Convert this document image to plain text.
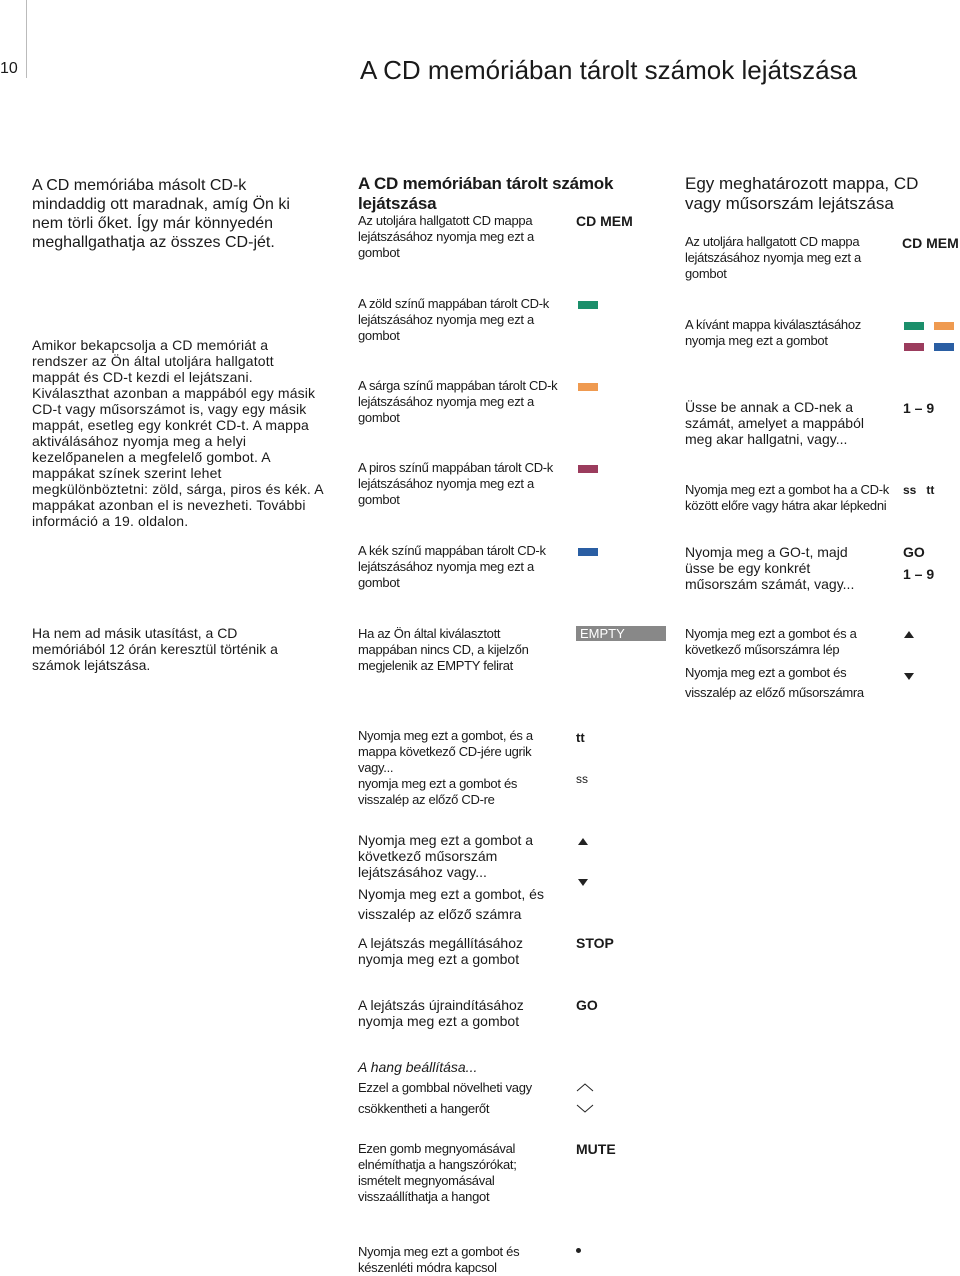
10	A CD memóriában tárolt számok lejátszása
A CD memóriába másolt CD-k mindaddig ott maradnak, amíg Ön ki nem törli őket. Így már könnyedén meghallgathatja az összes CD-jét.
Amikor bekapcsolja a CD memóriát a rendszer az Ön által utoljára hallgatott mappát és CD-t kezdi el lejátszani. Kiválaszthat azonban a mappából egy másik CD-t vagy műsorszámot is, vagy egy másik mappát, esetleg egy konkrét CD-t. A mappa aktiválásához nyomja meg a helyi kezelőpanelen a megfelelő gombot. A mappákat színek szerint lehet megkülönböztetni: zöld, sárga, piros és kék. A mappákat azonban el is nevezheti. További információ a 19. oldalon.
Ha nem ad másik utasítást, a CD memóriából 12 órán keresztül történik a számok lejátszása.
A CD memóriában tárolt számok lejátszása
Az utoljára hallgatott CD mappa lejátszásához nyomja meg ezt a gombot
CD MEM
A zöld színű mappában tárolt CD-k lejátszásához nyomja meg ezt a gombot
A sárga színű mappában tárolt CD-k lejátszásához nyomja meg ezt a gombot
A piros színű mappában tárolt CD-k lejátszásához nyomja meg ezt a gombot
A kék színű mappában tárolt CD-k lejátszásához nyomja meg ezt a gombot
Ha az Ön által kiválasztott mappában nincs CD, a kijelzőn megjelenik az EMPTY felirat
EMPTY
Nyomja meg ezt a gombot, és a mappa következő CD-jére ugrik vagy...
nyomja meg ezt a gombot és visszalép az előző CD-re
tt
ss
Nyomja meg ezt a gombot a következő műsorszám lejátszásához vagy...
Nyomja meg ezt a gombot, és visszalép az előző számra
A lejátszás megállításához nyomja meg ezt a gombot
STOP
A lejátszás újraindításához nyomja meg ezt a gombot
GO
A hang beállítása...
Ezzel a gombbal növelheti vagy
csökkentheti a hangerőt
Ezen gomb megnyomásával elnémíthatja a hangszórókat; ismételt megnyomásával visszaállíthatja a hangot
MUTE
Nyomja meg ezt a gombot és készenléti módra kapcsol
Egy meghatározott mappa, CD vagy műsorszám lejátszása
Az utoljára hallgatott CD mappa lejátszásához nyomja meg ezt a gombot
CD MEM
A kívánt mappa kiválasztásához nyomja meg ezt a gombot
Üsse be annak a CD-nek a számát, amelyet a mappából meg akar hallgatni, vagy...
1 – 9
Nyomja meg ezt a gombot ha a CD-k között előre vagy hátra akar lépkedni
ss   tt
Nyomja meg a GO-t, majd üsse be egy konkrét műsorszám számát, vagy...
GO
1 – 9
Nyomja meg ezt a gombot és a következő műsorszámra lép
Nyomja meg ezt a gombot és visszalép az előző műsorszámra
